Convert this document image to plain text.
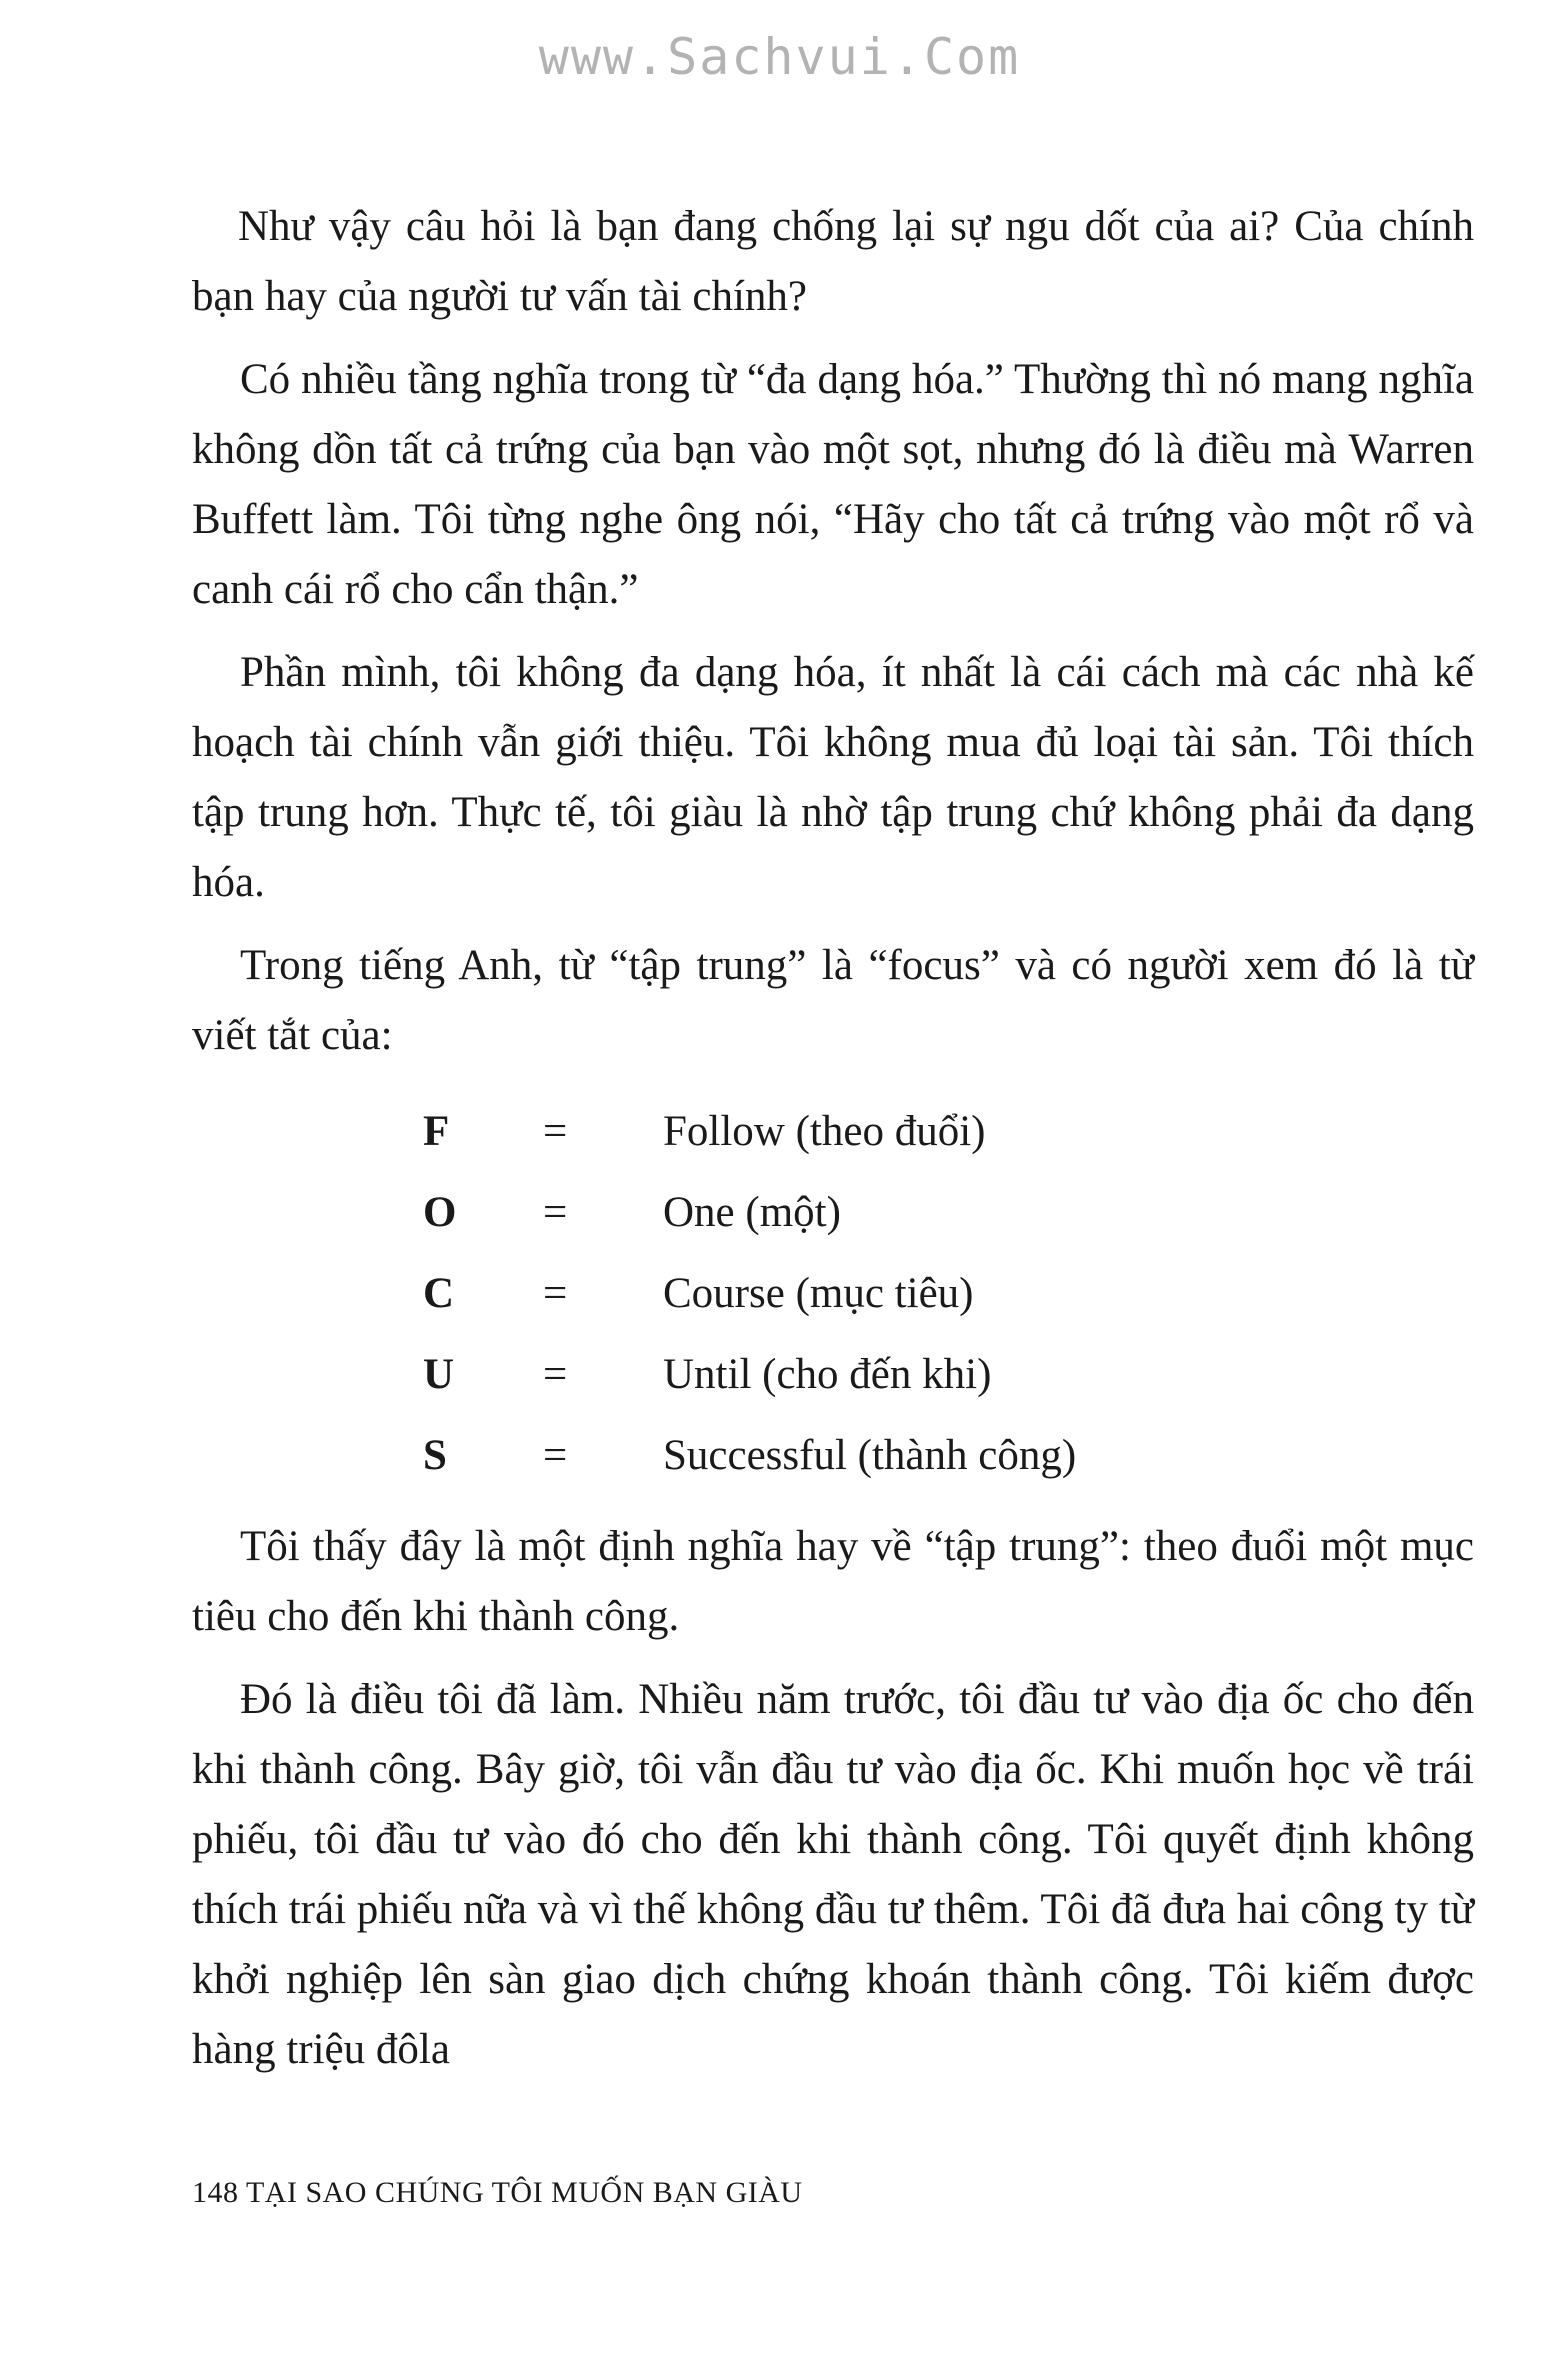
www.Sachvui.Com

Như vậy câu hỏi là bạn đang chống lại sự ngu dốt của ai? Của chính bạn hay của người tư vấn tài chính?

Có nhiều tầng nghĩa trong từ “đa dạng hóa.” Thường thì nó mang nghĩa không dồn tất cả trứng của bạn vào một sọt, nhưng đó là điều mà Warren Buffett làm. Tôi từng nghe ông nói, “Hãy cho tất cả trứng vào một rổ và canh cái rổ cho cẩn thận.”

Phần mình, tôi không đa dạng hóa, ít nhất là cái cách mà các nhà kế hoạch tài chính vẫn giới thiệu. Tôi không mua đủ loại tài sản. Tôi thích tập trung hơn. Thực tế, tôi giàu là nhờ tập trung chứ không phải đa dạng hóa.

Trong tiếng Anh, từ “tập trung” là “focus” và có người xem đó là từ viết tắt của:

F	=	Follow (theo đuổi)
O	=	One (một)
C	=	Course (mục tiêu)
U	=	Until (cho đến khi)
S	=	Successful (thành công)

Tôi thấy đây là một định nghĩa hay về “tập trung”: theo đuổi một mục tiêu cho đến khi thành công.

Đó là điều tôi đã làm. Nhiều năm trước, tôi đầu tư vào địa ốc cho đến khi thành công. Bây giờ, tôi vẫn đầu tư vào địa ốc. Khi muốn học về trái phiếu, tôi đầu tư vào đó cho đến khi thành công. Tôi quyết định không thích trái phiếu nữa và vì thế không đầu tư thêm. Tôi đã đưa hai công ty từ khởi nghiệp lên sàn giao dịch chứng khoán thành công. Tôi kiếm được hàng triệu đôla

148 TẠI SAO CHÚNG TÔI MUỐN BẠN GIÀU
